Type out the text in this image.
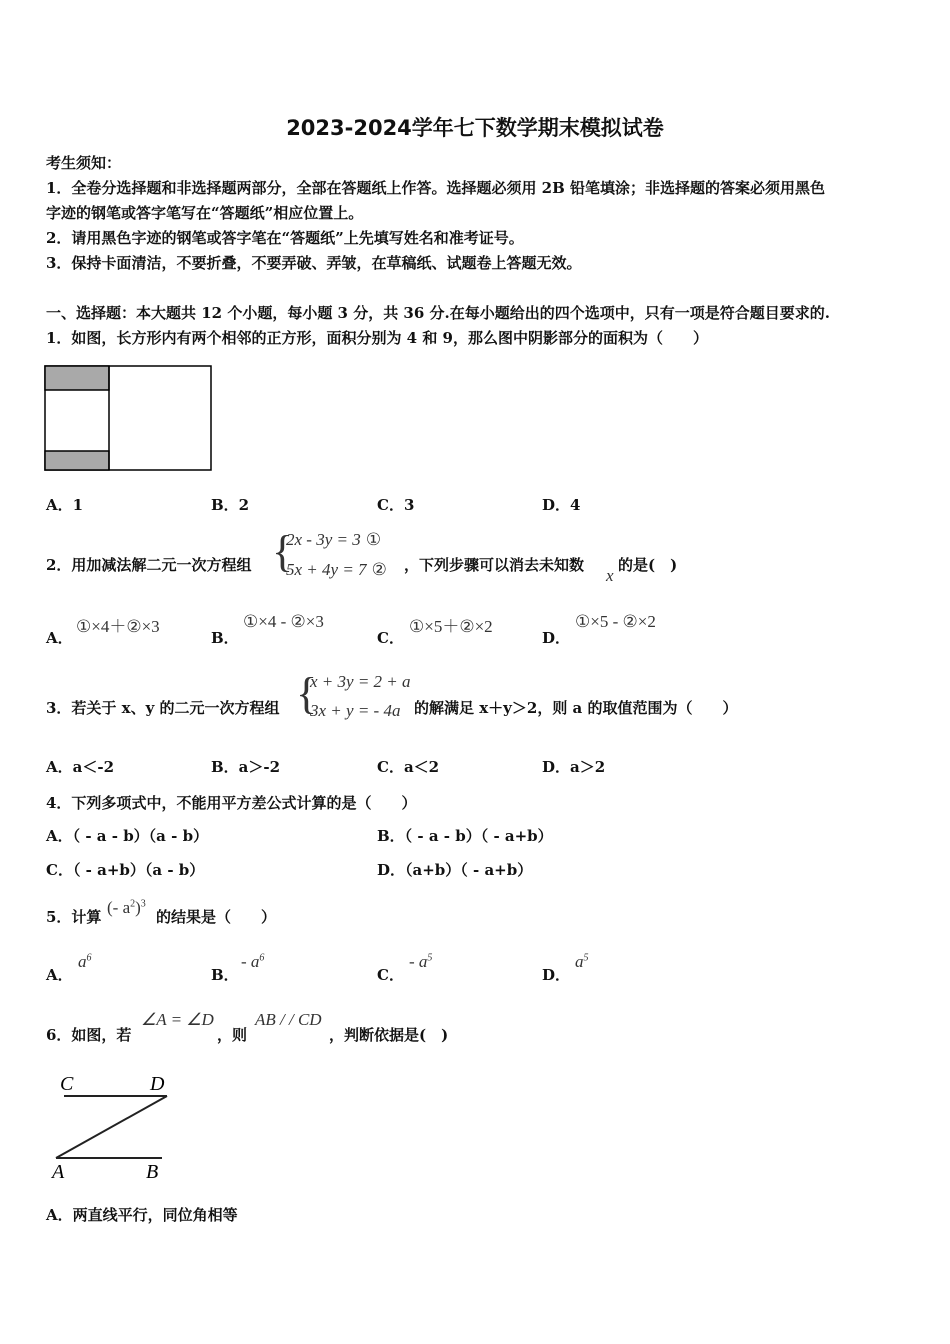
2023-2024学年七下数学期末模拟试卷
考生须知：
1．全卷分选择题和非选择题两部分，全部在答题纸上作答。选择题必须用 2B 铅笔填涂；非选择题的答案必须用黑色
字迹的钢笔或答字笔写在“答题纸”相应位置上。
2．请用黑色字迹的钢笔或答字笔在“答题纸”上先填写姓名和准考证号。
3．保持卡面清洁，不要折叠，不要弄破、弄皱，在草稿纸、试题卷上答题无效。
一、选择题：本大题共 12 个小题，每小题 3 分，共 36 分.在每小题给出的四个选项中，只有一项是符合题目要求的.
1．如图，长方形内有两个相邻的正方形，面积分别为 4 和 9，那么图中阴影部分的面积为（　　）
A．1	B．2	C．3	D．4
2．用加减法解二元一次方程组 {
2x - 3y = 3 ①
5x + 4y = 7 ② ，下列步骤可以消去未知数
x
的是(　)
A．
①×4＋②×3
B．
①×4 - ②×3
C．
①×5＋②×2
D．
①×5 - ②×2
3．若关于 x、y 的二元一次方程组 {
x + 3y = 2 + a
3x + y = - 4a 的解满足 x＋y＞2，则 a 的取值范围为（　　）
A．a＜-2	B．a＞-2	C．a＜2	D．a＞2
4．下列多项式中，不能用平方差公式计算的是（　　）
A．（ - a - b）（a - b）	B．（ - a - b）（ - a+b）
C．（ - a+b）（a - b）	D．（a+b）（ - a+b）
5．计算 (- $a^2)^3$
的结果是（　　）
A．
$a^6$
B．
- $a^6$
C．
- $a^5$
D．
$a^5$
6．如图，若
∠A = ∠D
，则
AB / / CD
，判断依据是(　)
C	D
A	B
A．两直线平行，同位角相等
